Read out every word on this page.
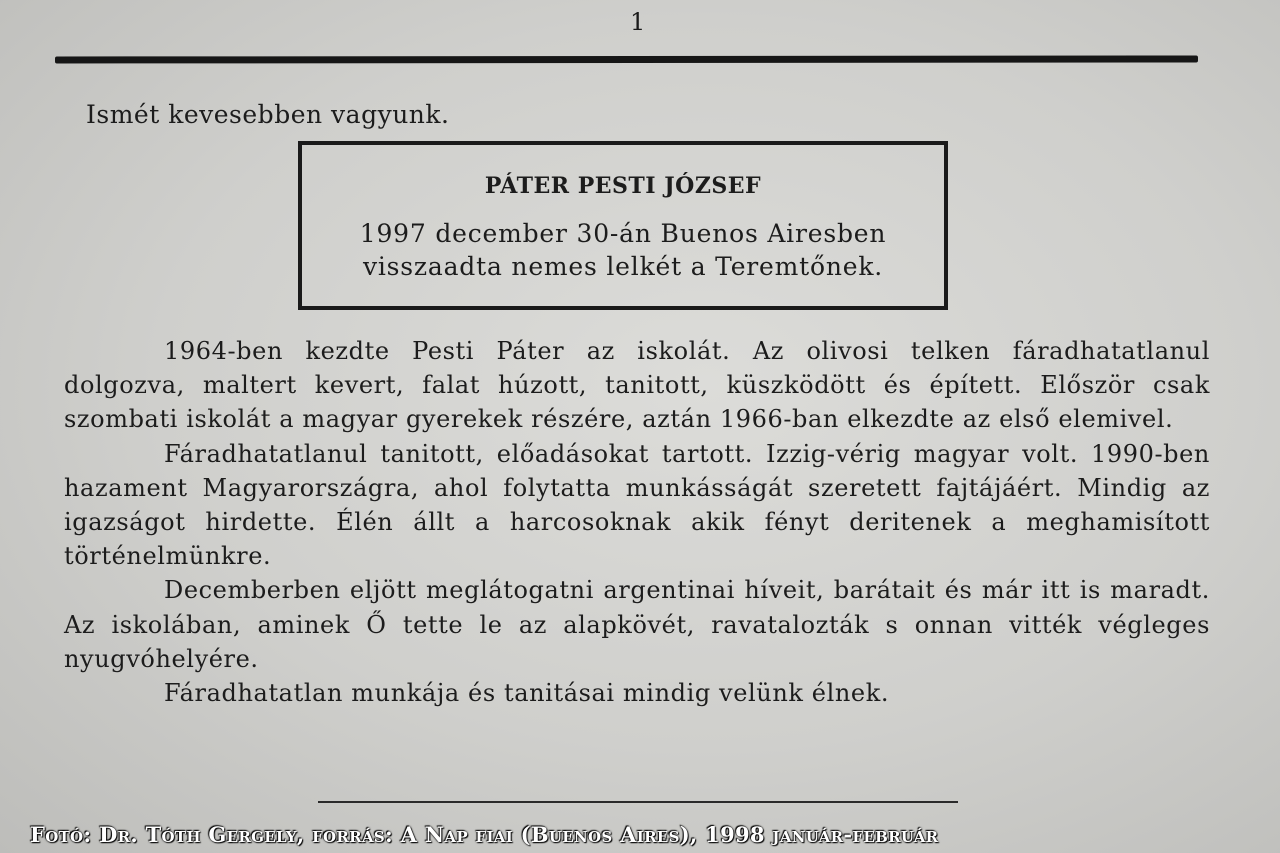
1
Ismét kevesebben vagyunk.
PÁTER PESTI JÓZSEF
1997 december 30-án Buenos Airesben
visszaadta nemes lelkét a Teremtőnek.

1964-ben kezdte Pesti Páter az iskolát. Az olivosi telken fáradhatatlanul dolgozva, maltert kevert, falat húzott, tanitott, küszködött és épített. Először csak szombati iskolát a magyar gyerekek részére, aztán 1966-ban elkezdte az első elemivel.

Fáradhatatlanul tanitott, előadásokat tartott. Izzig-vérig magyar volt. 1990-ben hazament Magyarországra, ahol folytatta munkásságát szeretett fajtájáért. Mindig az igazságot hirdette. Élén állt a harcosoknak akik fényt deritenek a meghamisított történelmünkre.

Decemberben eljött meglátogatni argentinai híveit, barátait és már itt is maradt. Az iskolában, aminek Ő tette le az alapkövét, ravatalozták s onnan vitték végleges nyugvóhelyére.

Fáradhatatlan munkája és tanitásai mindig velünk élnek.

Fotó: Dr. Tóth Gergely, forrás: A Nap fiai (Buenos Aires), 1998 január-február
